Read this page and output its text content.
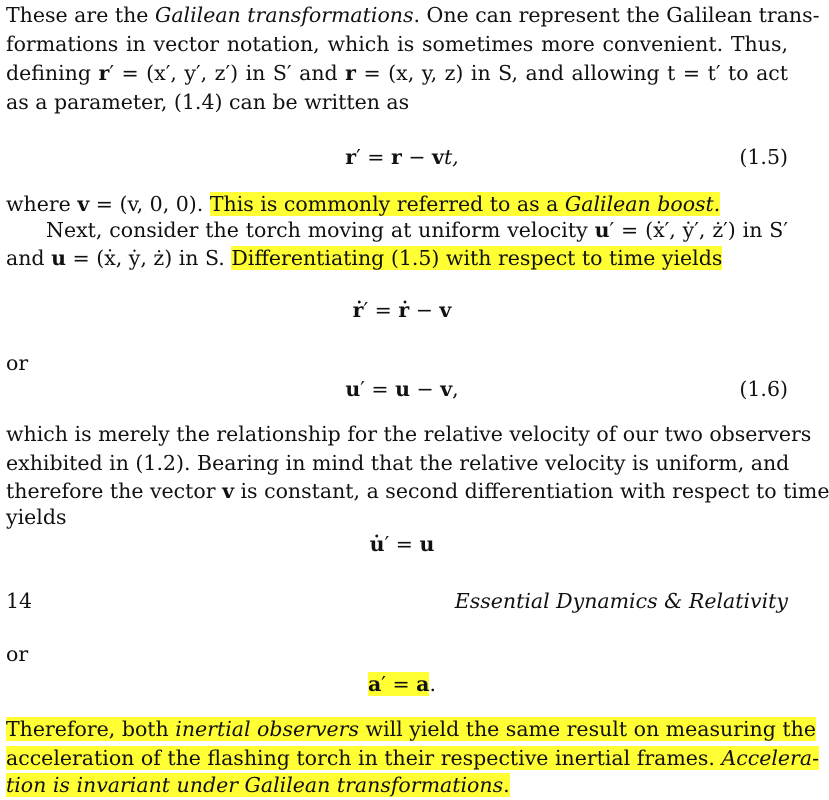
These are the Galilean transformations. One can represent the Galilean trans-
formations in vector notation, which is sometimes more convenient. Thus,
defining r′ = (x′, y′, z′) in S′ and r = (x, y, z) in S, and allowing t = t′ to act
as a parameter, (1.4) can be written as
r′ = r − vt,	(1.5)
where v = (v, 0, 0). This is commonly referred to as a Galilean boost.
Next, consider the torch moving at uniform velocity u′ = (ẋ′, ẏ′, ż′) in S′
and u = (ẋ, ẏ, ż) in S. Differentiating (1.5) with respect to time yields
ṙ′ = ṙ − v
or
u′ = u − v,	(1.6)
which is merely the relationship for the relative velocity of our two observers
exhibited in (1.2). Bearing in mind that the relative velocity is uniform, and
therefore the vector v is constant, a second differentiation with respect to time
yields
u̇′ = u
14	Essential Dynamics & Relativity
or
a′ = a.
Therefore, both inertial observers will yield the same result on measuring the
acceleration of the flashing torch in their respective inertial frames. Accelera-
tion is invariant under Galilean transformations.
